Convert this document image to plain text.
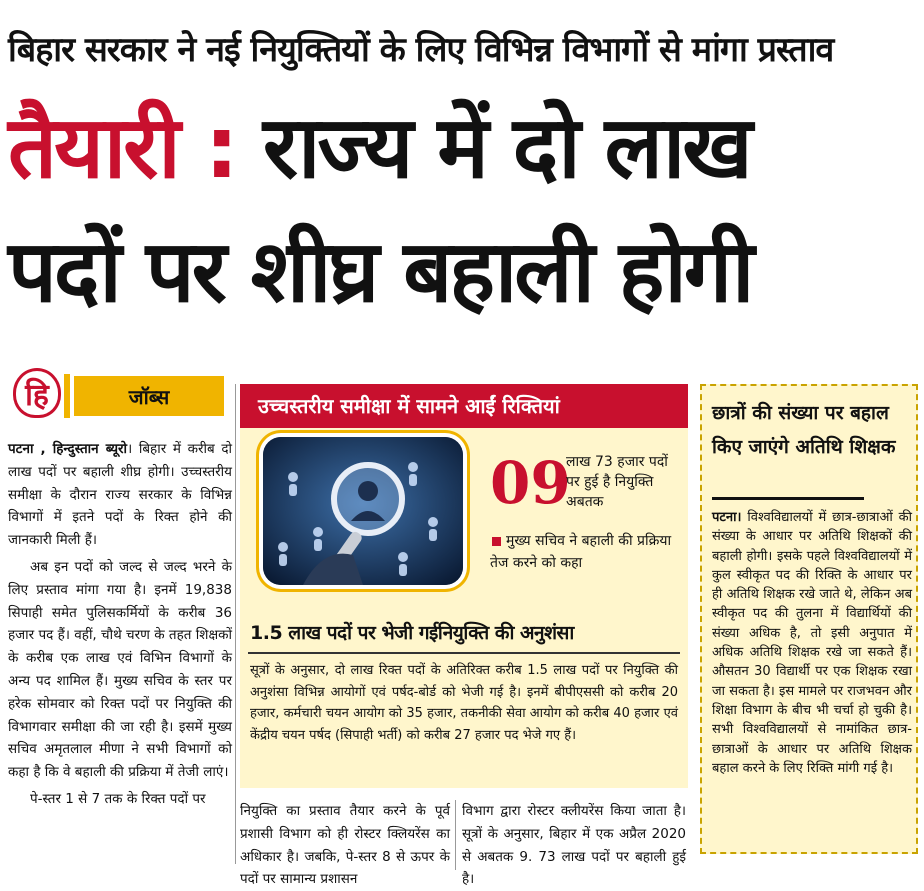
बिहार सरकार ने नई नियुक्तियों के लिए विभिन्न विभागों से मांगा प्रस्ताव
तैयारी : राज्य में दो लाख
पदों पर शीघ्र बहाली होगी
हि	जॉब्स

पटना , हिन्दुस्तान ब्यूरो। बिहार में करीब दो लाख पदों पर बहाली शीघ्र होगी। उच्चस्तरीय समीक्षा के दौरान राज्य सरकार के विभिन्न विभागों में इतने पदों के रिक्त होने की जानकारी मिली हैं।

अब इन पदों को जल्द से जल्द भरने के लिए प्रस्ताव मांगा गया है। इनमें 19,838 सिपाही समेत पुलिसकर्मियों के करीब 36 हजार पद हैं। वहीं, चौथे चरण के तहत शिक्षकों के करीब एक लाख एवं विभिन विभागों के अन्य पद शामिल हैं। मुख्य सचिव के स्तर पर हरेक सोमवार को रिक्त पदों पर नियुक्ति की विभागवार समीक्षा की जा रही है। इसमें मुख्य सचिव अमृतलाल मीणा ने सभी विभागों को कहा है कि वे बहाली की प्रक्रिया में तेजी लाएं।

पे-स्तर 1 से 7 तक के रिक्त पदों पर

उच्चस्तरीय समीक्षा में सामने आईं रिक्तियां
09
लाख 73 हजार पदों पर हुई है नियुक्ति अबतक
मुख्य सचिव ने बहाली की प्रक्रिया तेज करने को कहा
1.5 लाख पदों पर भेजी गईनियुक्ति की अनुशंसा
सूत्रों के अनुसार, दो लाख रिक्त पदों के अतिरिक्त करीब 1.5 लाख पदों पर नियुक्ति की अनुशंसा विभिन्न आयोगों एवं पर्षद-बोर्ड को भेजी गई है। इनमें बीपीएससी को करीब 20 हजार, कर्मचारी चयन आयोग को 35 हजार, तकनीकी सेवा आयोग को करीब 40 हजार एवं केंद्रीय चयन पर्षद (सिपाही भर्ती) को करीब 27 हजार पद भेजे गए हैं।
नियुक्ति का प्रस्ताव तैयार करने के पूर्व प्रशासी विभाग को ही रोस्टर क्लियरेंस का अधिकार है। जबकि, पे-स्तर 8 से ऊपर के पदों पर सामान्य प्रशासन
विभाग द्वारा रोस्टर क्लीयरेंस किया जाता है। सूत्रों के अनुसार, बिहार में एक अप्रैल 2020 से अबतक 9. 73 लाख पदों पर बहाली हुई है।
छात्रों की संख्या पर बहाल किए जाएंगे अतिथि शिक्षक
पटना। विश्वविद्यालयों में छात्र-छात्राओं की संख्या के आधार पर अतिथि शिक्षकों की बहाली होगी। इसके पहले विश्वविद्यालयों में कुल स्वीकृत पद की रिक्ति के आधार पर ही अतिथि शिक्षक रखे जाते थे, लेकिन अब स्वीकृत पद की तुलना में विद्यार्थियों की संख्या अधिक है, तो इसी अनुपात में अधिक अतिथि शिक्षक रखे जा सकते हैं। औसतन 30 विद्यार्थी पर एक शिक्षक रखा जा सकता है। इस मामले पर राजभवन और शिक्षा विभाग के बीच भी चर्चा हो चुकी है। सभी विश्वविद्यालयों से नामांकित छात्र-छात्राओं के आधार पर अतिथि शिक्षक बहाल करने के लिए रिक्ति मांगी गई है।
